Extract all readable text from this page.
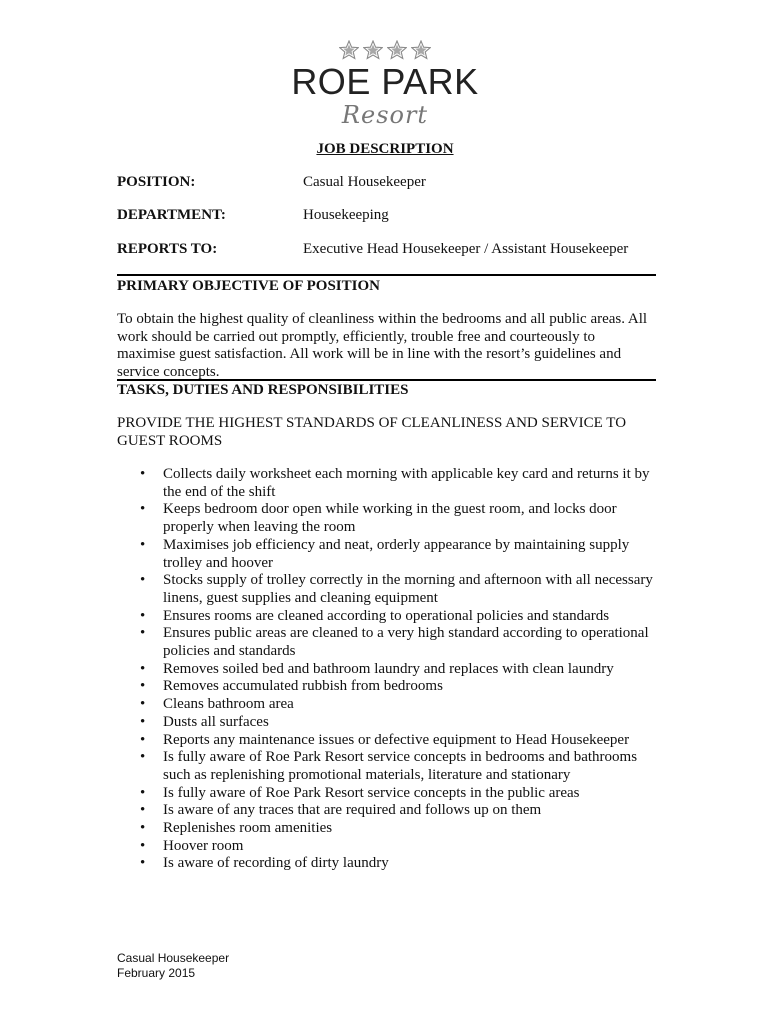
ROE PARK
Resort
JOB DESCRIPTION
POSITION:	Casual Housekeeper
DEPARTMENT:	Housekeeping
REPORTS TO:	Executive Head Housekeeper / Assistant Housekeeper
PRIMARY OBJECTIVE OF POSITION

To obtain the highest quality of cleanliness within the bedrooms and all public areas. All work should be carried out promptly, efficiently, trouble free and courteously to maximise guest satisfaction. All work will be in line with the resort’s guidelines and service concepts.

TASKS, DUTIES AND RESPONSIBILITIES

PROVIDE THE HIGHEST STANDARDS OF CLEANLINESS AND SERVICE TO GUEST ROOMS

• Collects daily worksheet each morning with applicable key card and returns it by the end of the shift
• Keeps bedroom door open while working in the guest room, and locks door properly when leaving the room
• Maximises job efficiency and neat, orderly appearance by maintaining supply trolley and hoover
• Stocks supply of trolley correctly in the morning and afternoon with all necessary linens, guest supplies and cleaning equipment
• Ensures rooms are cleaned according to operational policies and standards
• Ensures public areas are cleaned to a very high standard according to operational policies and standards
• Removes soiled bed and bathroom laundry and replaces with clean laundry
• Removes accumulated rubbish from bedrooms
• Cleans bathroom area
• Dusts all surfaces
• Reports any maintenance issues or defective equipment to Head Housekeeper
• Is fully aware of Roe Park Resort service concepts in bedrooms and bathrooms such as replenishing promotional materials, literature and stationary
• Is fully aware of Roe Park Resort service concepts in the public areas
• Is aware of any traces that are required and follows up on them
• Replenishes room amenities
• Hoover room
• Is aware of recording of dirty laundry
Casual Housekeeper
February 2015
